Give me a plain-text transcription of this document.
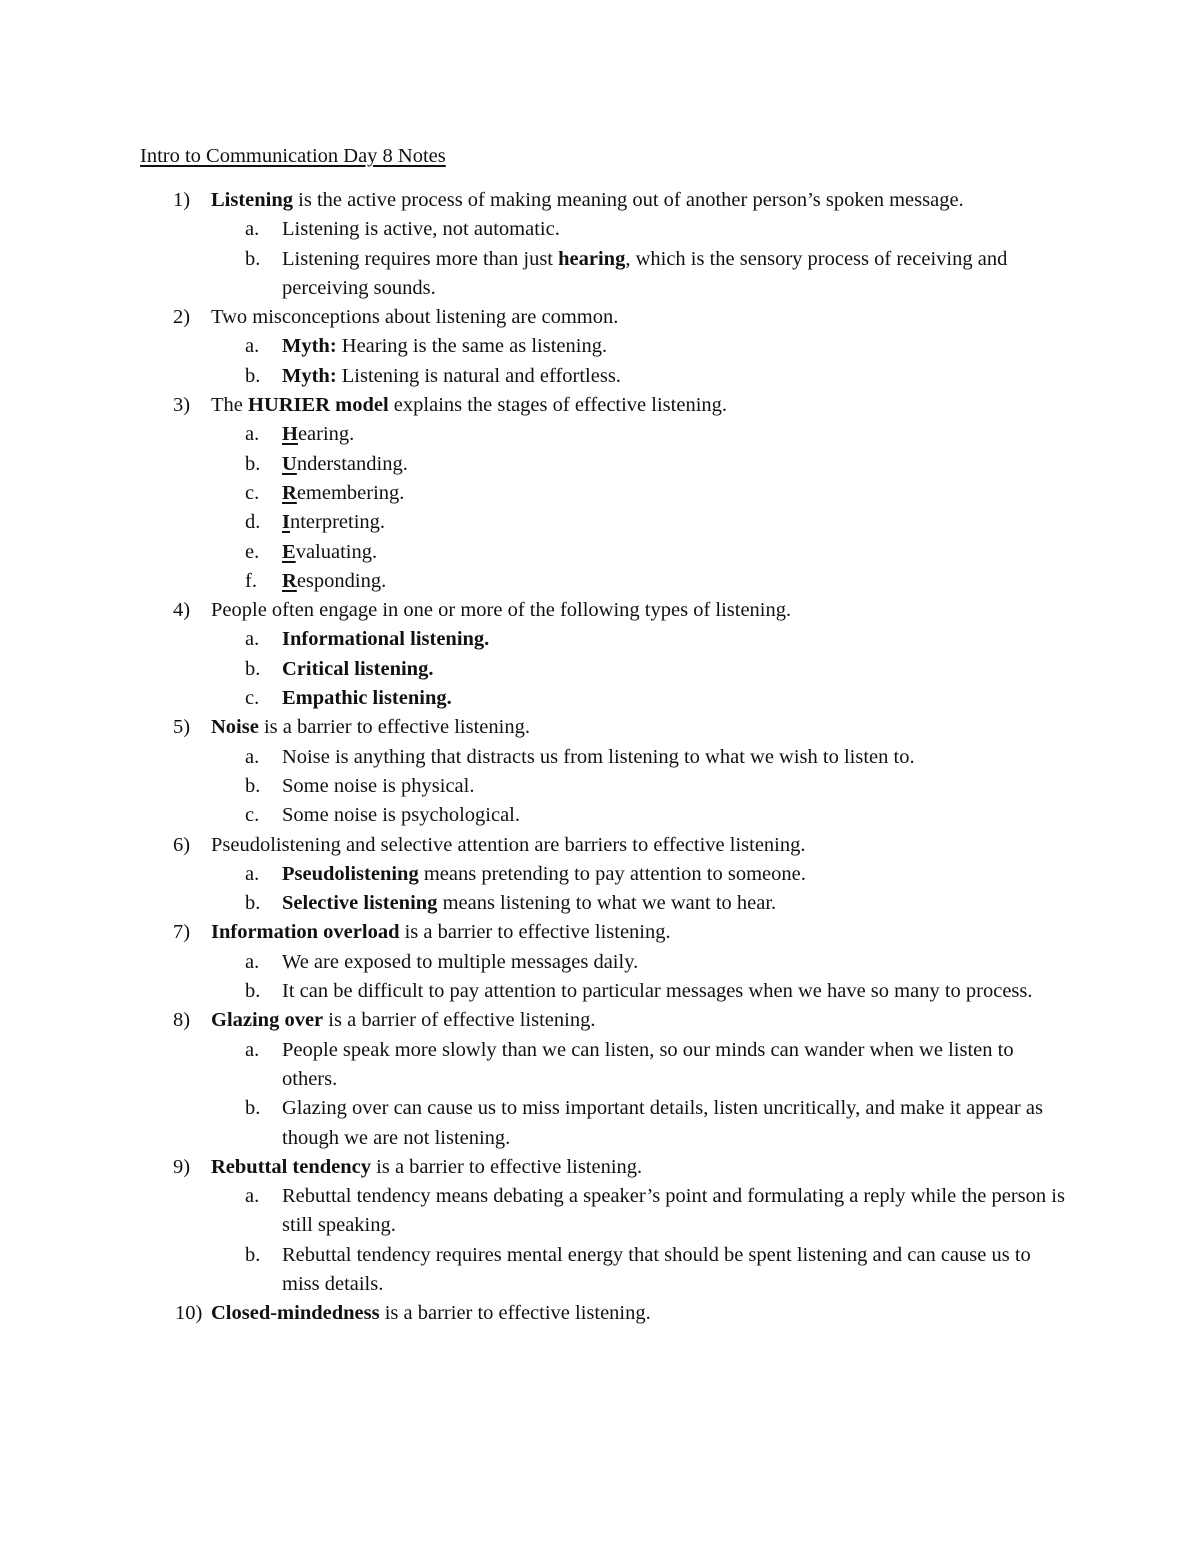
Intro to Communication Day 8 Notes
1) Listening is the active process of making meaning out of another person’s spoken message.
a. Listening is active, not automatic.
b. Listening requires more than just hearing, which is the sensory process of receiving and perceiving sounds.
2) Two misconceptions about listening are common.
a. Myth: Hearing is the same as listening.
b. Myth: Listening is natural and effortless.
3) The HURIER model explains the stages of effective listening.
a. Hearing.
b. Understanding.
c. Remembering.
d. Interpreting.
e. Evaluating.
f. Responding.
4) People often engage in one or more of the following types of listening.
a. Informational listening.
b. Critical listening.
c. Empathic listening.
5) Noise is a barrier to effective listening.
a. Noise is anything that distracts us from listening to what we wish to listen to.
b. Some noise is physical.
c. Some noise is psychological.
6) Pseudolistening and selective attention are barriers to effective listening.
a. Pseudolistening means pretending to pay attention to someone.
b. Selective listening means listening to what we want to hear.
7) Information overload is a barrier to effective listening.
a. We are exposed to multiple messages daily.
b. It can be difficult to pay attention to particular messages when we have so many to process.
8) Glazing over is a barrier of effective listening.
a. People speak more slowly than we can listen, so our minds can wander when we listen to others.
b. Glazing over can cause us to miss important details, listen uncritically, and make it appear as though we are not listening.
9) Rebuttal tendency is a barrier to effective listening.
a. Rebuttal tendency means debating a speaker’s point and formulating a reply while the person is still speaking.
b. Rebuttal tendency requires mental energy that should be spent listening and can cause us to miss details.
10) Closed-mindedness is a barrier to effective listening.
